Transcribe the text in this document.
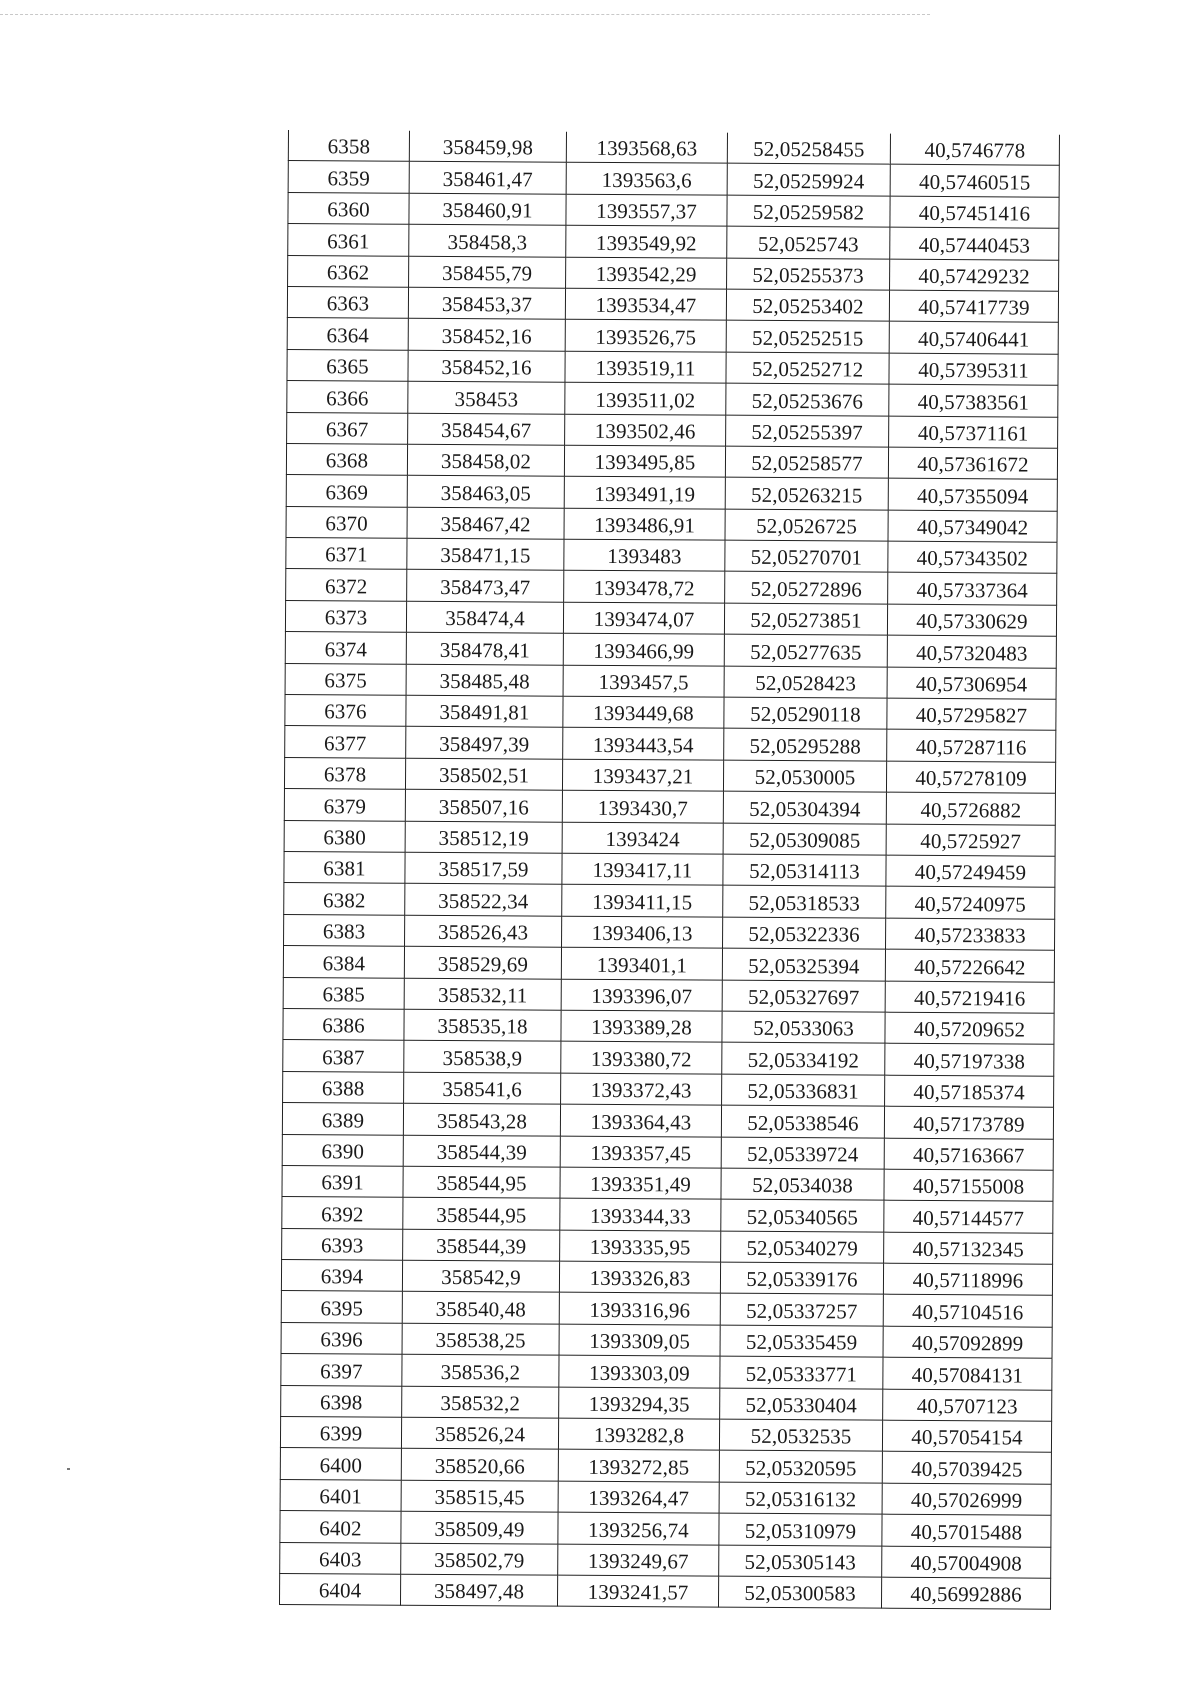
6358	358459,98	1393568,63	52,05258455	40,5746778
6359	358461,47	1393563,6	52,05259924	40,57460515
6360	358460,91	1393557,37	52,05259582	40,57451416
6361	358458,3	1393549,92	52,0525743	40,57440453
6362	358455,79	1393542,29	52,05255373	40,57429232
6363	358453,37	1393534,47	52,05253402	40,57417739
6364	358452,16	1393526,75	52,05252515	40,57406441
6365	358452,16	1393519,11	52,05252712	40,57395311
6366	358453	1393511,02	52,05253676	40,57383561
6367	358454,67	1393502,46	52,05255397	40,57371161
6368	358458,02	1393495,85	52,05258577	40,57361672
6369	358463,05	1393491,19	52,05263215	40,57355094
6370	358467,42	1393486,91	52,0526725	40,57349042
6371	358471,15	1393483	52,05270701	40,57343502
6372	358473,47	1393478,72	52,05272896	40,57337364
6373	358474,4	1393474,07	52,05273851	40,57330629
6374	358478,41	1393466,99	52,05277635	40,57320483
6375	358485,48	1393457,5	52,0528423	40,57306954
6376	358491,81	1393449,68	52,05290118	40,57295827
6377	358497,39	1393443,54	52,05295288	40,57287116
6378	358502,51	1393437,21	52,0530005	40,57278109
6379	358507,16	1393430,7	52,05304394	40,5726882
6380	358512,19	1393424	52,05309085	40,5725927
6381	358517,59	1393417,11	52,05314113	40,57249459
6382	358522,34	1393411,15	52,05318533	40,57240975
6383	358526,43	1393406,13	52,05322336	40,57233833
6384	358529,69	1393401,1	52,05325394	40,57226642
6385	358532,11	1393396,07	52,05327697	40,57219416
6386	358535,18	1393389,28	52,0533063	40,57209652
6387	358538,9	1393380,72	52,05334192	40,57197338
6388	358541,6	1393372,43	52,05336831	40,57185374
6389	358543,28	1393364,43	52,05338546	40,57173789
6390	358544,39	1393357,45	52,05339724	40,57163667
6391	358544,95	1393351,49	52,0534038	40,57155008
6392	358544,95	1393344,33	52,05340565	40,57144577
6393	358544,39	1393335,95	52,05340279	40,57132345
6394	358542,9	1393326,83	52,05339176	40,57118996
6395	358540,48	1393316,96	52,05337257	40,57104516
6396	358538,25	1393309,05	52,05335459	40,57092899
6397	358536,2	1393303,09	52,05333771	40,57084131
6398	358532,2	1393294,35	52,05330404	40,5707123
6399	358526,24	1393282,8	52,0532535	40,57054154
6400	358520,66	1393272,85	52,05320595	40,57039425
6401	358515,45	1393264,47	52,05316132	40,57026999
6402	358509,49	1393256,74	52,05310979	40,57015488
6403	358502,79	1393249,67	52,05305143	40,57004908
6404	358497,48	1393241,57	52,05300583	40,56992886
